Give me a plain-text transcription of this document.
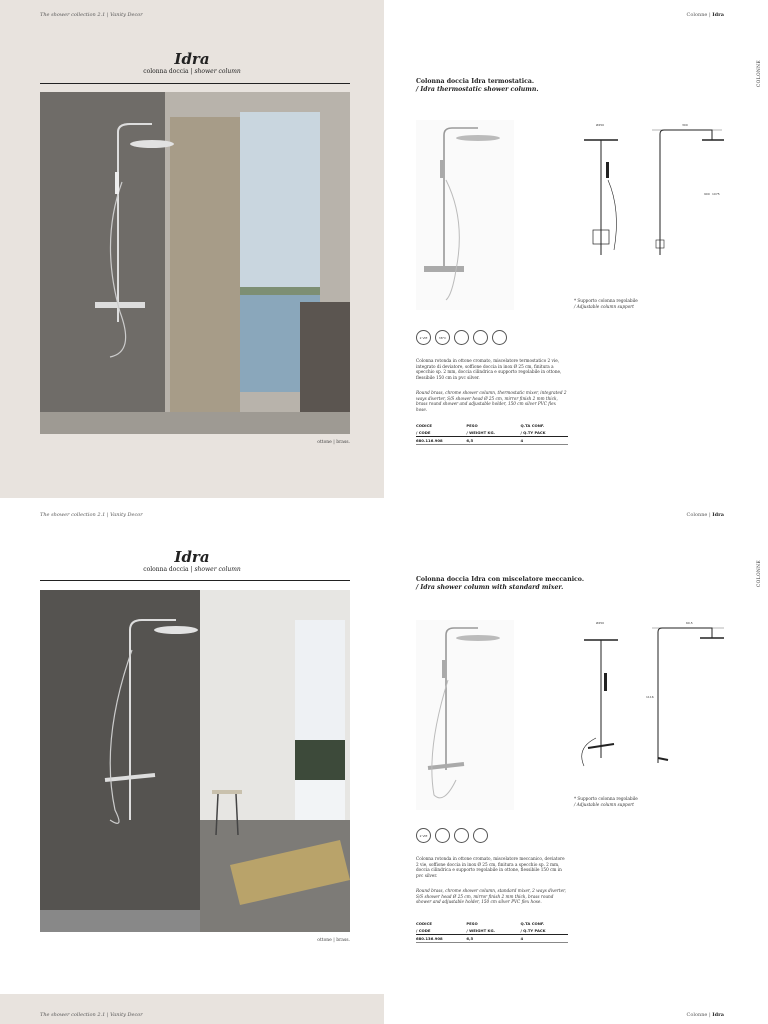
The shower collection 2.1 | Vanity Decor
Idra
colonna doccia | shower column
ottone | brass.
Colonne | Idra
COLONNE
Colonna doccia Idra termostatica.
/ Idra thermostatic shower column.
Ø250	300
900 1075
* Supporto colonna regolabile
/ Adjustable column support
2 VIE	38°C
Colonna rotonda in ottone cromato, miscelatore termostatico 2 vie, integrato di deviatore, soffione doccia in inox Ø 25 cm, finitura a specchio sp. 2 mm, doccia cilindrica e supporto regolabile in ottone, flessibile 150 cm in pvc silver.
Round brass, chrome shower column, thermostatic mixer, integrated 2 ways diverter, S/S shower head Ø 25 cm, mirror finish 2 mm thick, brass round shower and adjustable holder, 150 cm silver PVC flex hose.
CODICE	PESO	Q.TA CONF.
/ CODE	/ WEIGHT KG.	/ Q.TY PACK
680.116.908	6,5	4
The shower collection 2.1 | Vanity Decor
Idra
colonna doccia | shower column
ottone | brass.
Colonne | Idra
COLONNE
Colonna doccia Idra con miscelatore meccanico.
/ Idra shower column with standard mixer.
Ø250	60,5
1116
* Supporto colonna regolabile
/ Adjustable column support
2 VIE
Colonna rotonda in ottone cromato, miscelatore meccanico, deviatore 2 vie, soffione doccia in inox Ø 25 cm, finitura a specchio sp. 2 mm, doccia cilindrica e supporto regolabile in ottone, flessibile 150 cm in pvc silver.
Round brass, chrome shower column, standard mixer, 2 ways diverter, S/S shower head Ø 25 cm, mirror finish 2 mm thick, brass round shower and adjustable holder, 150 cm silver PVC flex hose.
CODICE	PESO	Q.TA CONF.
/ CODE	/ WEIGHT KG.	/ Q.TY PACK
680.136.908	6,5	4
The shower collection 2.1 | Vanity Decor	Colonne | Idra
